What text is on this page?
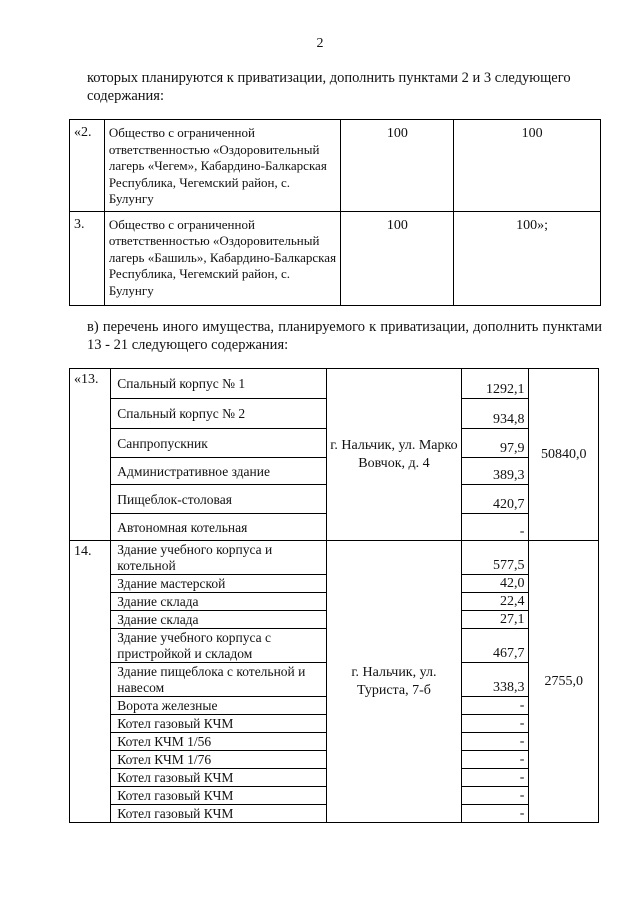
2
которых планируются к приватизации, дополнить пунктами 2 и 3 следующего содержания:
«2.	Общество с ограниченной ответственностью «Оздоровительный лагерь «Чегем», Кабардино-Балкарская Республика, Чегемский район, с. Булунгу	100	100
3.	Общество с ограниченной ответственностью «Оздоровительный лагерь «Башиль», Кабардино-Балкарская Республика, Чегемский район, с. Булунгу	100	100»;
в) перечень иного имущества, планируемого к приватизации, дополнить пунктами 13 - 21 следующего содержания:
«13.	Спальный корпус № 1	г. Нальчик, ул. Марко Вовчок, д. 4	1292,1	50840,0
	Спальный корпус № 2		934,8	
	Санпропускник		97,9	
	Административное здание		389,3	
	Пищеблок-столовая		420,7	
	Автономная котельная		-	
14.	Здание учебного корпуса и котельной	г. Нальчик, ул. Туриста, 7-б	577,5	2755,0
	Здание мастерской		42,0	
	Здание склада		22,4	
	Здание склада		27,1	
	Здание учебного корпуса с пристройкой и складом		467,7	
	Здание пищеблока с котельной и навесом		338,3	
	Ворота железные		-	
	Котел газовый КЧМ		-	
	Котел КЧМ 1/56		-	
	Котел КЧМ 1/76		-	
	Котел газовый КЧМ		-	
	Котел газовый КЧМ		-	
	Котел газовый КЧМ		-	
